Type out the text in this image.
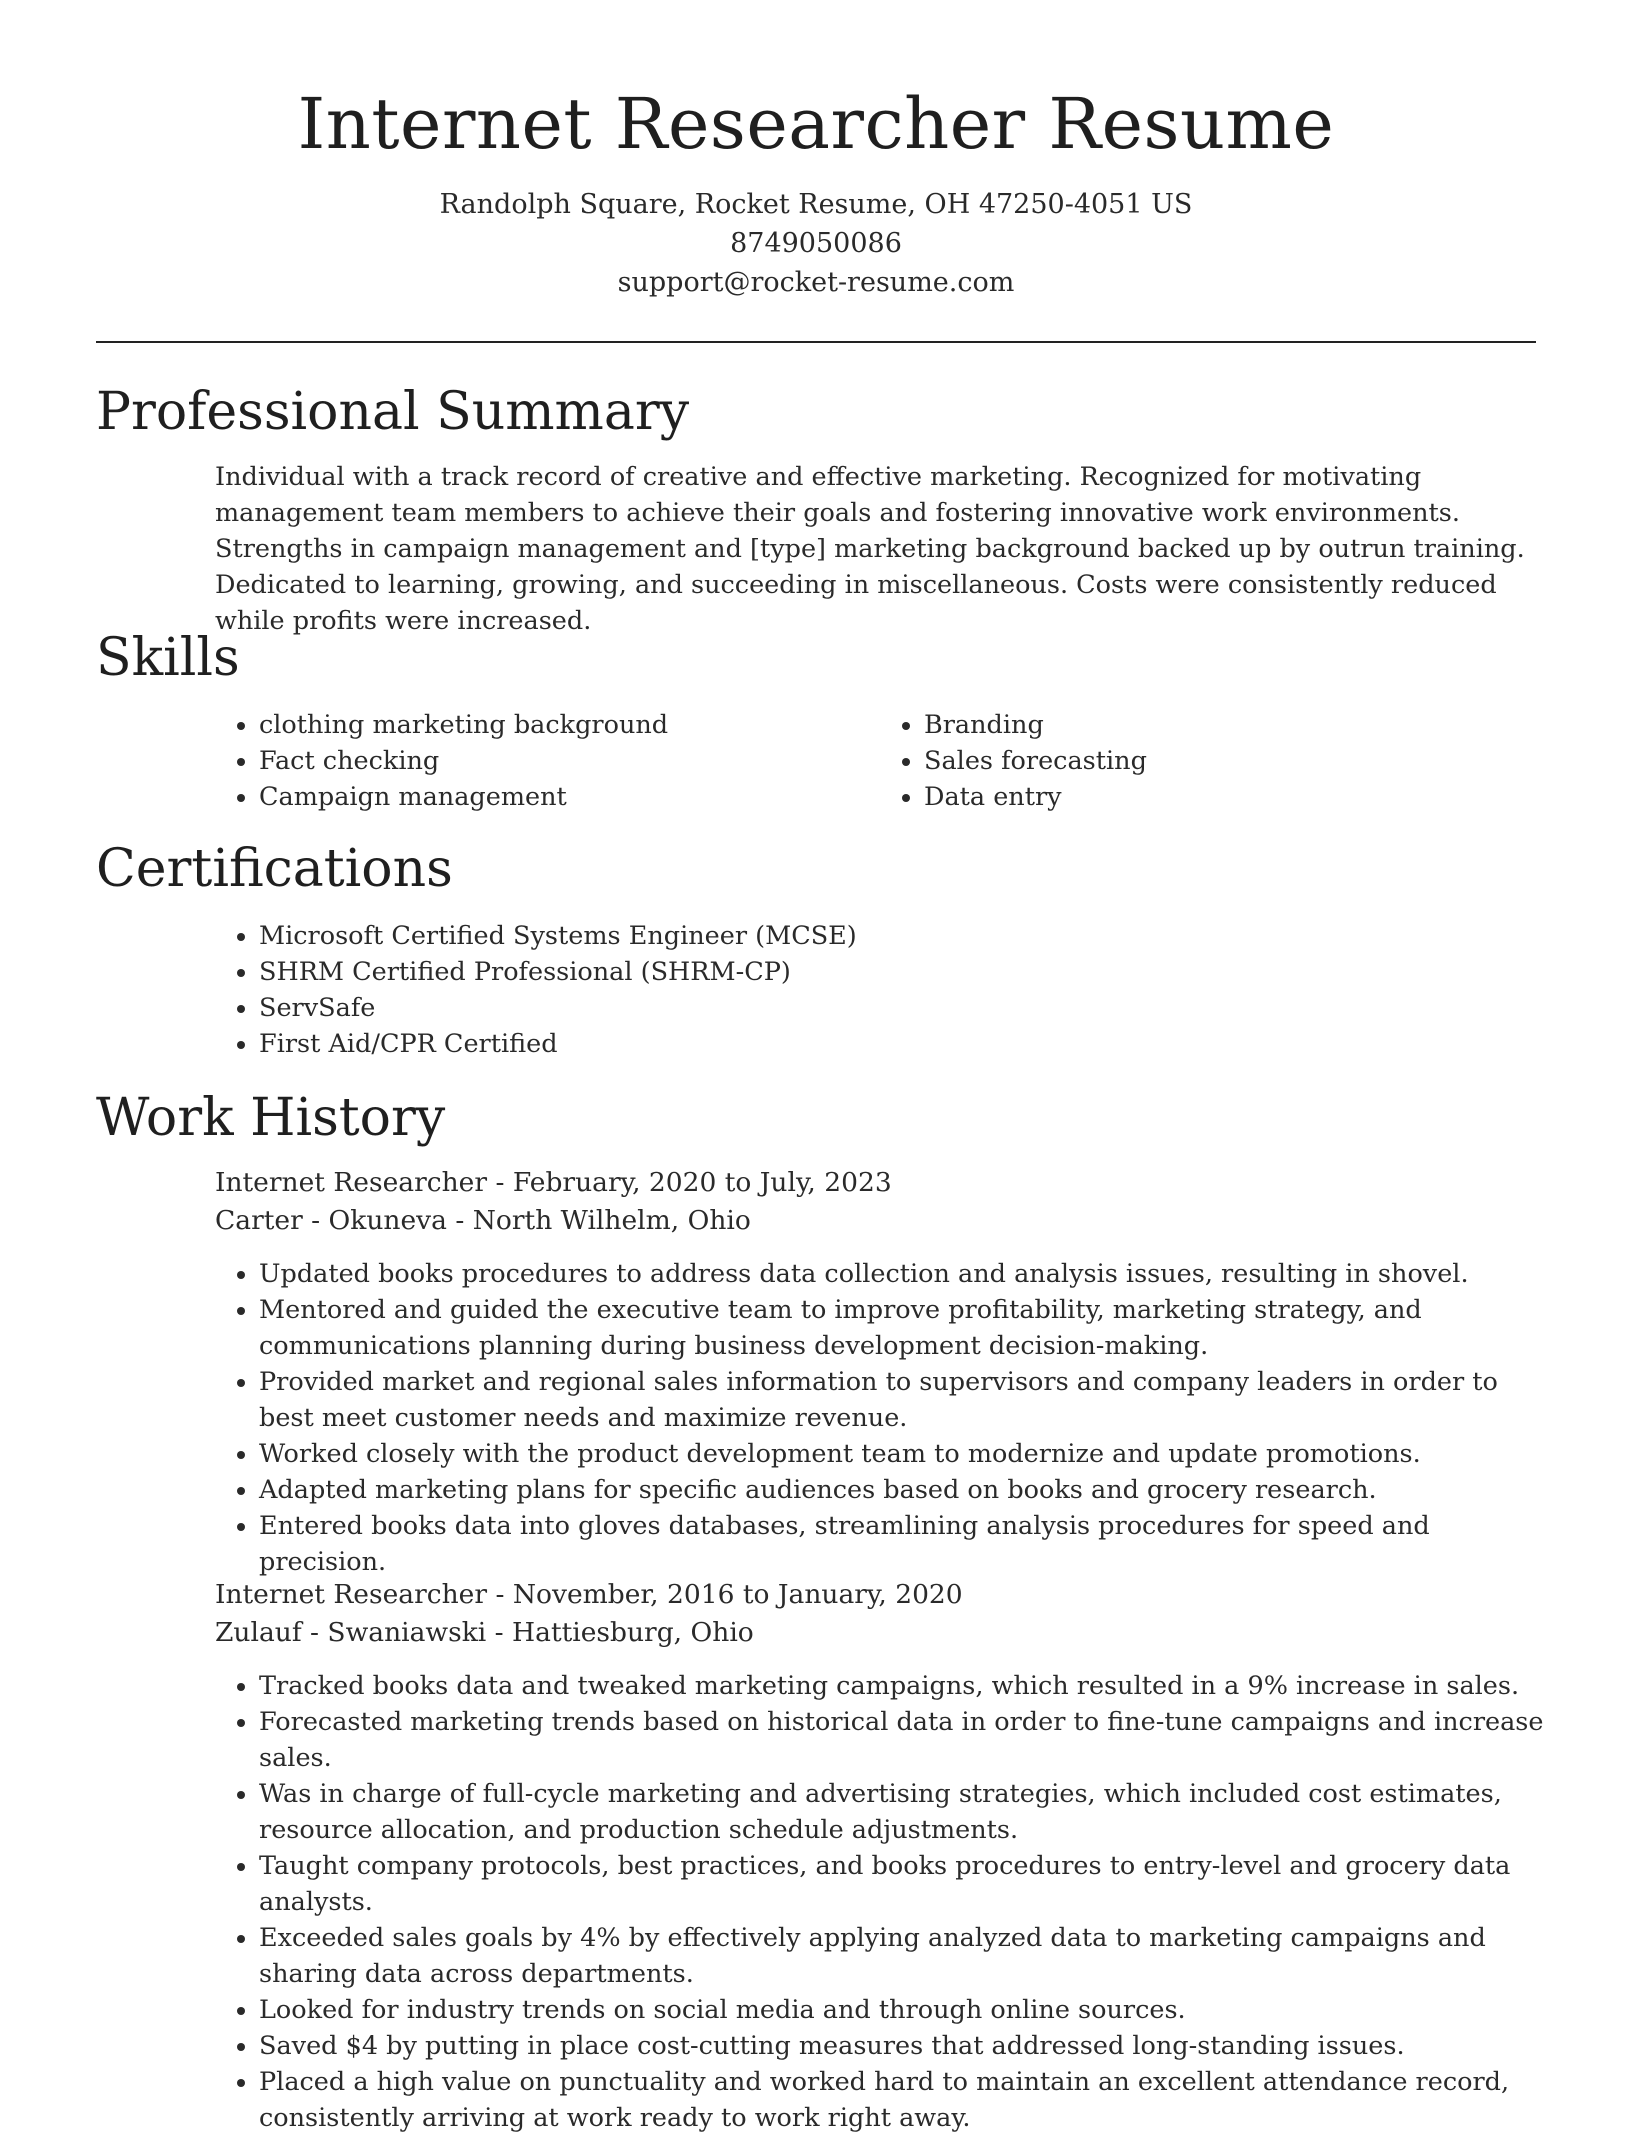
Internet Researcher Resume
Randolph Square, Rocket Resume, OH 47250-4051 US
8749050086
support@rocket-resume.com
Professional Summary

Individual with a track record of creative and effective marketing. Recognized for motivating management team members to achieve their goals and fostering innovative work environments. Strengths in campaign management and [type] marketing background backed up by outrun training. Dedicated to learning, growing, and succeeding in miscellaneous. Costs were consistently reduced while profits were increased.

Skills
• clothing marketing background
• Fact checking
• Campaign management
• Branding
• Sales forecasting
• Data entry
Certifications
• Microsoft Certified Systems Engineer (MCSE)
• SHRM Certified Professional (SHRM-CP)
• ServSafe
• First Aid/CPR Certified
Work History

Internet Researcher - February, 2020 to July, 2023

Carter - Okuneva - North Wilhelm, Ohio

• Updated books procedures to address data collection and analysis issues, resulting in shovel.
• Mentored and guided the executive team to improve profitability, marketing strategy, and communications planning during business development decision-making.
• Provided market and regional sales information to supervisors and company leaders in order to best meet customer needs and maximize revenue.
• Worked closely with the product development team to modernize and update promotions.
• Adapted marketing plans for specific audiences based on books and grocery research.
• Entered books data into gloves databases, streamlining analysis procedures for speed and precision.

Internet Researcher - November, 2016 to January, 2020

Zulauf - Swaniawski - Hattiesburg, Ohio

• Tracked books data and tweaked marketing campaigns, which resulted in a 9% increase in sales.
• Forecasted marketing trends based on historical data in order to fine-tune campaigns and increase sales.
• Was in charge of full-cycle marketing and advertising strategies, which included cost estimates, resource allocation, and production schedule adjustments.
• Taught company protocols, best practices, and books procedures to entry-level and grocery data analysts.
• Exceeded sales goals by 4% by effectively applying analyzed data to marketing campaigns and sharing data across departments.
• Looked for industry trends on social media and through online sources.
• Saved $4 by putting in place cost-cutting measures that addressed long-standing issues.
• Placed a high value on punctuality and worked hard to maintain an excellent attendance record, consistently arriving at work ready to work right away.
